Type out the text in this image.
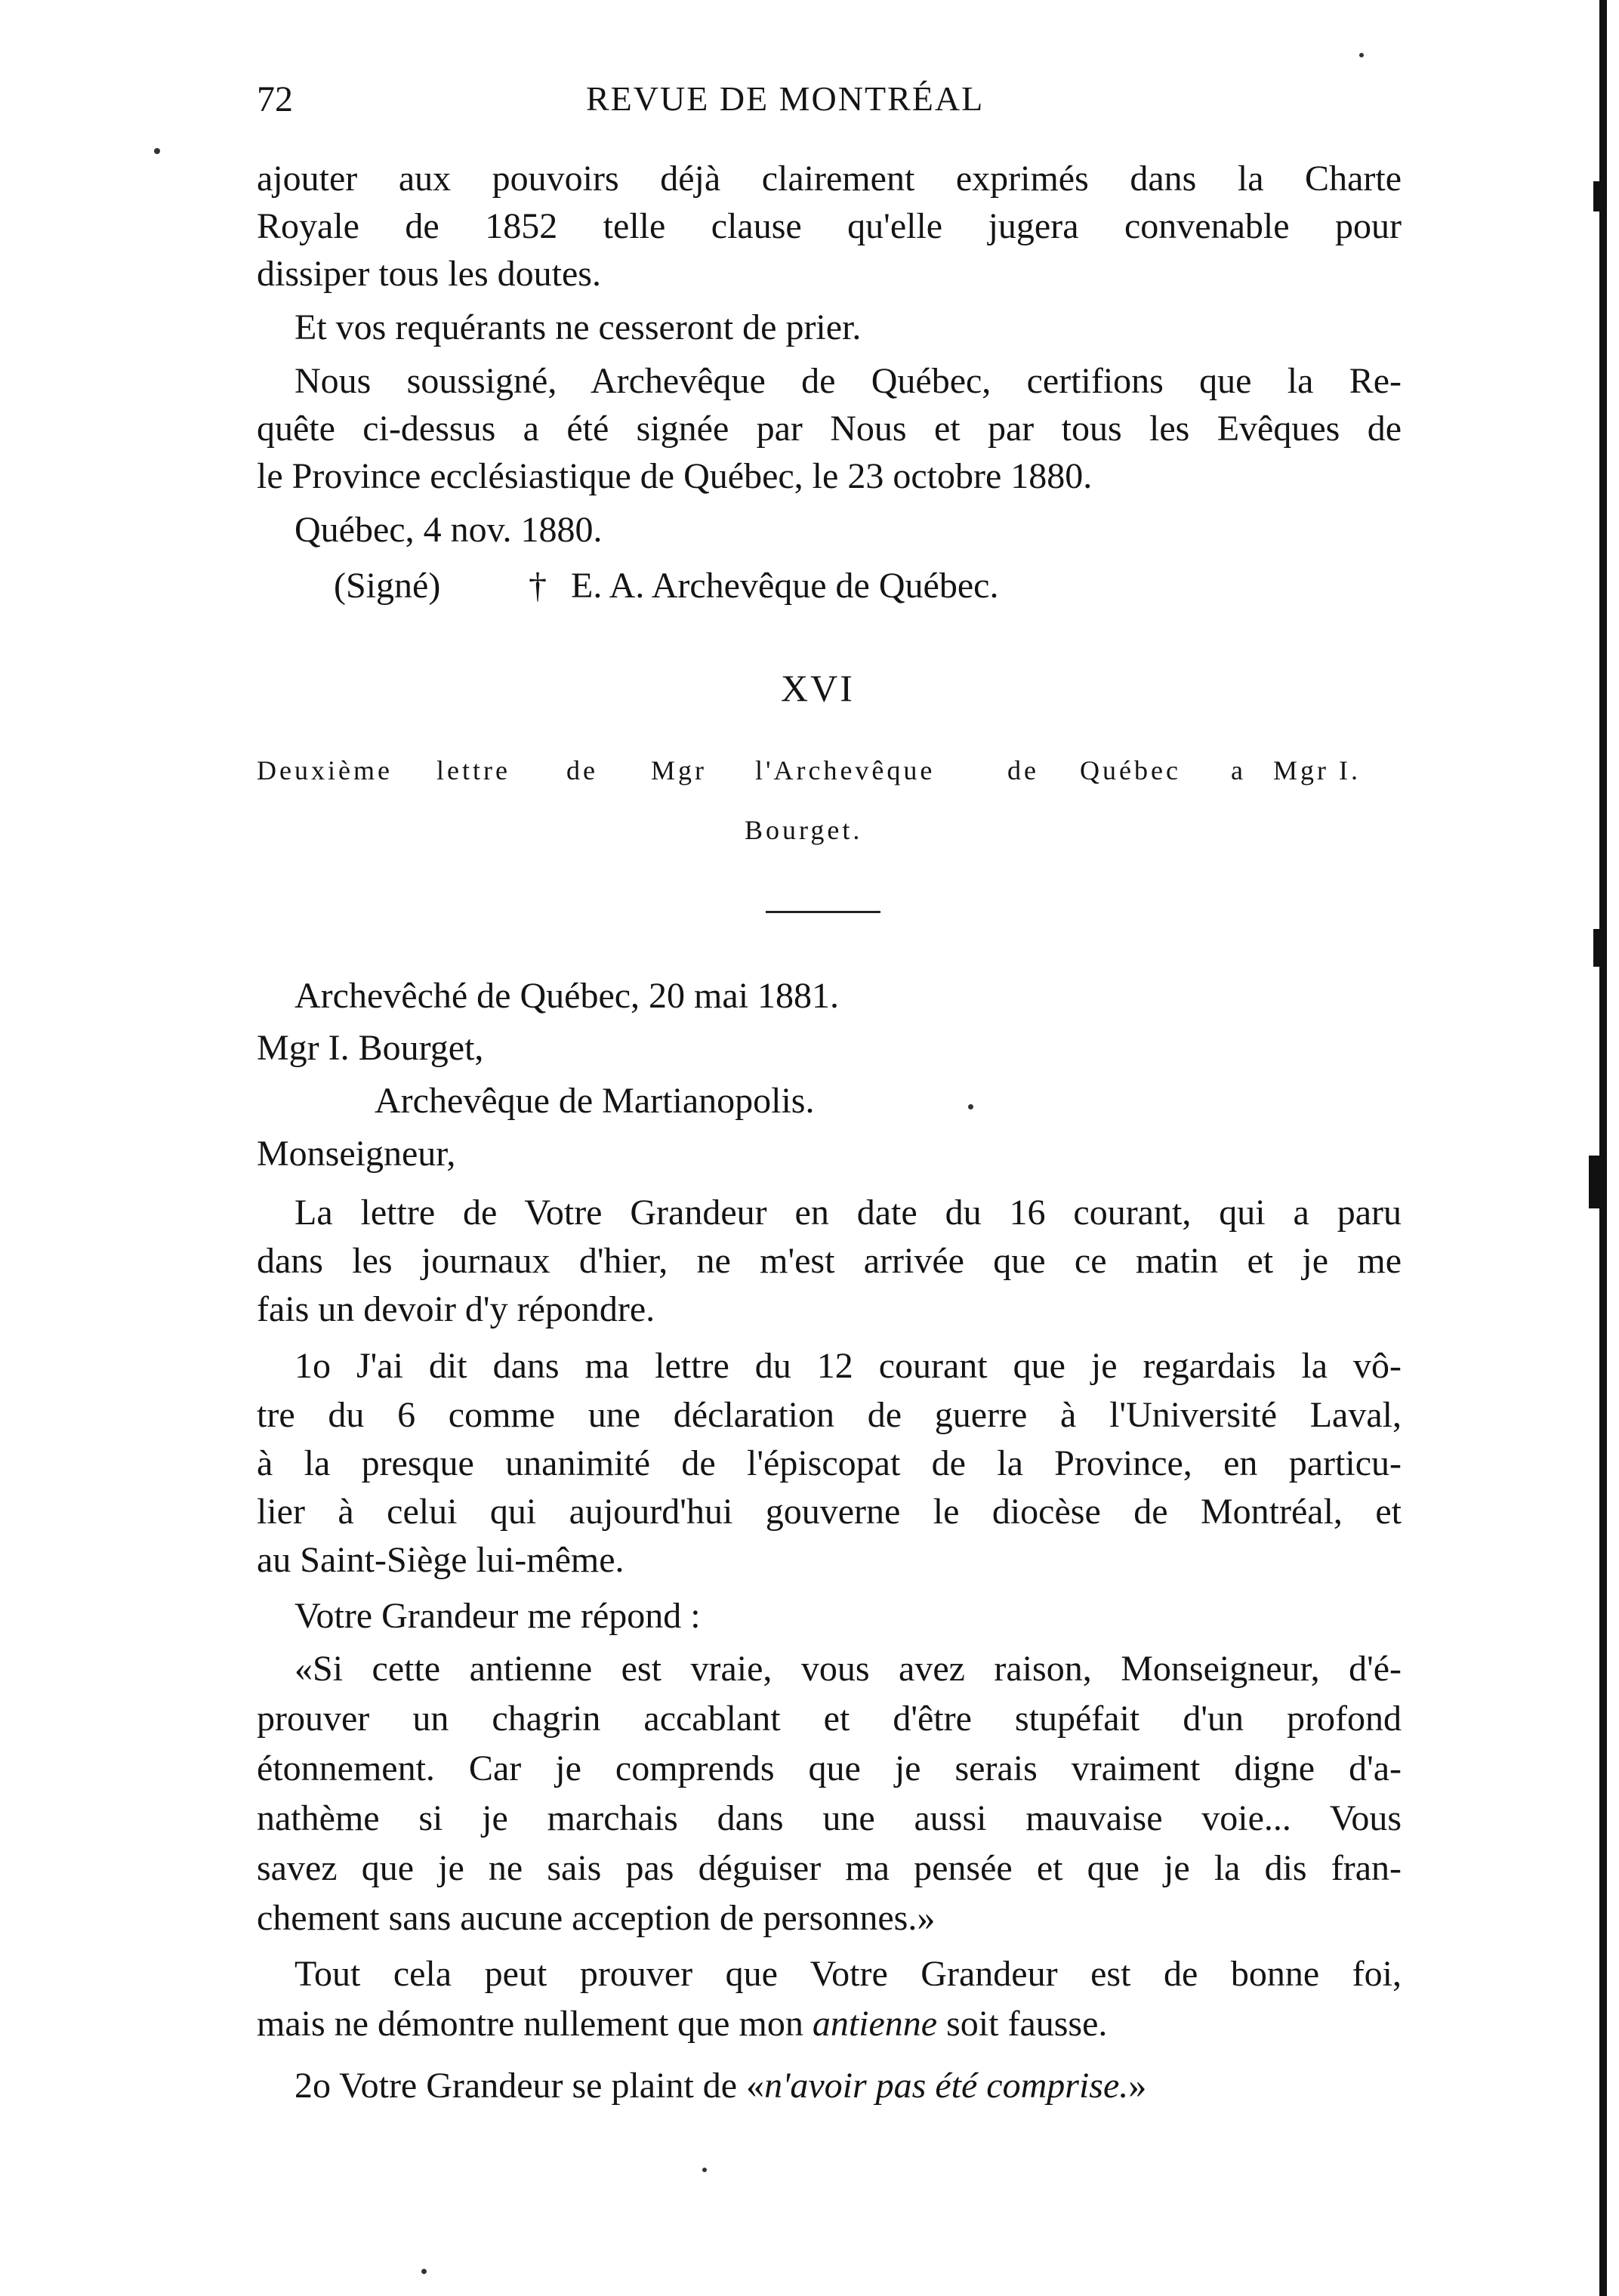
72	REVUE DE MONTRÉAL
ajouter aux pouvoirs déjà clairement exprimés dans la Charte
Royale de 1852 telle clause qu'elle jugera convenable pour
dissiper tous les doutes.
Et vos requérants ne cesseront de prier.
Nous soussigné, Archevêque de Québec, certifions que la Re-
quête ci-dessus a été signée par Nous et par tous les Evêques de
le Province ecclésiastique de Québec, le 23 octobre 1880.
Québec, 4 nov. 1880.
(Signé) † E. A. Archevêque de Québec.
XVI
Deuxième lettre de Mgr l'Archevêque	de Québec a Mgr I.
Bourget.
Archevêché de Québec, 20 mai 1881.
Mgr I. Bourget,
Archevêque de Martianopolis.
Monseigneur,
La lettre de Votre Grandeur en date du 16 courant, qui a paru
dans les journaux d'hier, ne m'est arrivée que ce matin et je me
fais un devoir d'y répondre.
1o J'ai dit dans ma lettre du 12 courant que je regardais la vô-
tre du 6 comme une déclaration de guerre à l'Université Laval,
à la presque unanimité de l'épiscopat de la Province, en particu-
lier à celui qui aujourd'hui gouverne le diocèse de Montréal, et
au Saint-Siège lui-même.
Votre Grandeur me répond :
«Si cette antienne est vraie, vous avez raison, Monseigneur, d'é-
prouver un chagrin accablant et d'être stupéfait d'un profond
étonnement. Car je comprends que je serais vraiment digne d'a-
nathème si je marchais dans une aussi mauvaise voie... Vous
savez que je ne sais pas déguiser ma pensée et que je la dis fran-
chement sans aucune acception de personnes.»
Tout cela peut prouver que Votre Grandeur est de bonne foi,
mais ne démontre nullement que mon antienne soit fausse.
2o Votre Grandeur se plaint de «n'avoir pas été comprise.»
